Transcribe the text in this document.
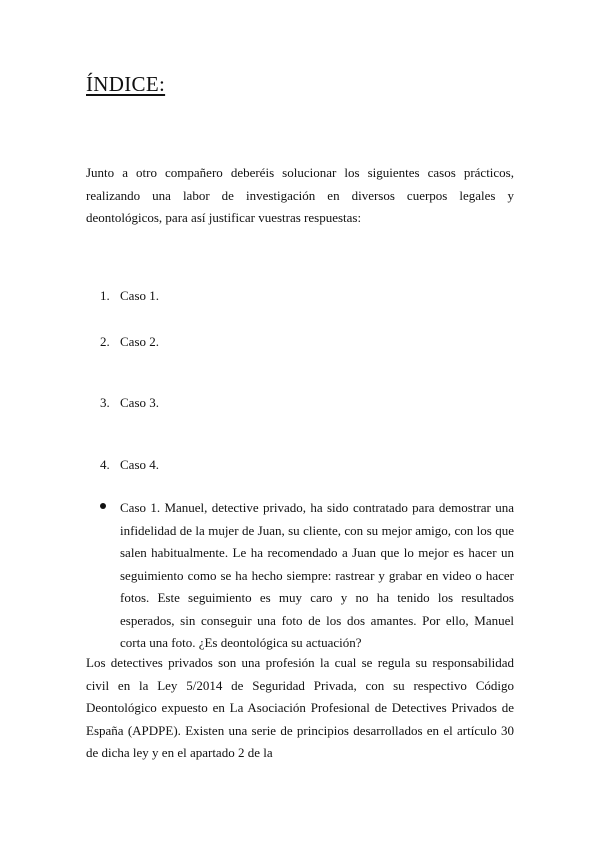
ÍNDICE:

Junto a otro compañero deberéis solucionar los siguientes casos prácticos, realizando una labor de investigación en diversos cuerpos legales y deontológicos, para así justificar vuestras respuestas:

1. Caso 1.
2. Caso 2.
3. Caso 3.
4. Caso 4.

Caso 1. Manuel, detective privado, ha sido contratado para demostrar una infidelidad de la mujer de Juan, su cliente, con su mejor amigo, con los que salen habitualmente. Le ha recomendado a Juan que lo mejor es hacer un seguimiento como se ha hecho siempre: rastrear y grabar en video o hacer fotos. Este seguimiento es muy caro y no ha tenido los resultados esperados, sin conseguir una foto de los dos amantes. Por ello, Manuel corta una foto. ¿Es deontológica su actuación?

Los detectives privados son una profesión la cual se regula su responsabilidad civil en la Ley 5/2014 de Seguridad Privada, con su respectivo Código Deontológico expuesto en La Asociación Profesional de Detectives Privados de España (APDPE). Existen una serie de principios desarrollados en el artículo 30 de dicha ley y en el apartado 2 de la
